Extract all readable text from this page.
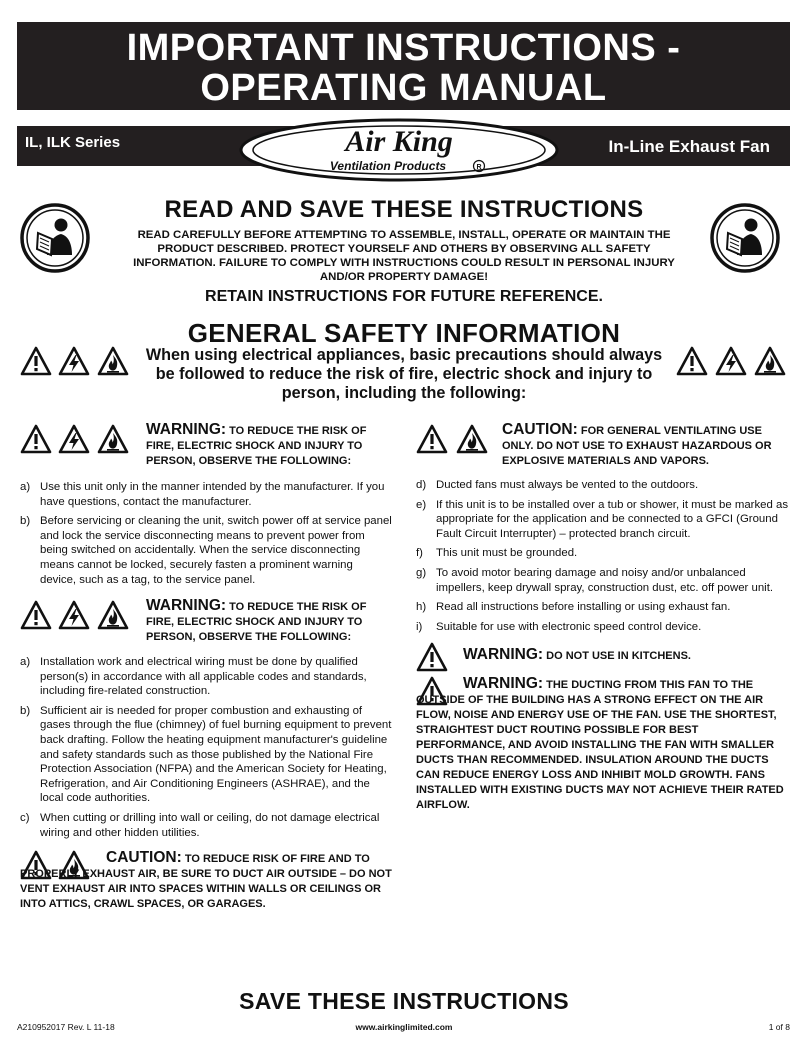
IMPORTANT INSTRUCTIONS -
OPERATING MANUAL
IL, ILK Series	In-Line Exhaust Fan
Air King
Ventilation Products	R
READ AND SAVE THESE INSTRUCTIONS
READ CAREFULLY BEFORE ATTEMPTING TO ASSEMBLE, INSTALL, OPERATE OR MAINTAIN THE PRODUCT DESCRIBED. PROTECT YOURSELF AND OTHERS BY OBSERVING ALL SAFETY INFORMATION. FAILURE TO COMPLY WITH INSTRUCTIONS COULD RESULT IN PERSONAL INJURY AND/OR PROPERTY DAMAGE!
RETAIN INSTRUCTIONS FOR FUTURE REFERENCE.
GENERAL SAFETY INFORMATION
When using electrical appliances, basic precautions should always be followed to reduce the risk of fire, electric shock and injury to person, including the following:
WARNING: TO REDUCE THE RISK OF FIRE, ELECTRIC SHOCK AND INJURY TO PERSON, OBSERVE THE FOLLOWING:
a) Use this unit only in the manner intended by the manufacturer. If you have questions, contact the manufacturer.
b) Before servicing or cleaning the unit, switch power off at service panel and lock the service disconnecting means to prevent power from being switched on accidentally. When the service disconnecting means cannot be locked, securely fasten a prominent warning device, such as a tag, to the service panel.
WARNING: TO REDUCE THE RISK OF FIRE, ELECTRIC SHOCK AND INJURY TO PERSON, OBSERVE THE FOLLOWING:
a) Installation work and electrical wiring must be done by qualified person(s) in accordance with all applicable codes and standards, including fire-related construction.
b) Sufficient air is needed for proper combustion and exhausting of gases through the flue (chimney) of fuel burning equipment to prevent back drafting. Follow the heating equipment manufacturer's guideline and safety standards such as those published by the National Fire Protection Association (NFPA) and the American Society for Heating, Refrigeration, and Air Conditioning Engineers (ASHRAE), and the local code authorities.
c) When cutting or drilling into wall or ceiling, do not damage electrical wiring and other hidden utilities.
CAUTION: TO REDUCE RISK OF FIRE AND TO PROPERLY EXHAUST AIR, BE SURE TO DUCT AIR OUTSIDE – DO NOT VENT EXHAUST AIR INTO SPACES WITHIN WALLS OR CEILINGS OR INTO ATTICS, CRAWL SPACES, OR GARAGES.
CAUTION: FOR GENERAL VENTILATING USE ONLY. DO NOT USE TO EXHAUST HAZARDOUS OR EXPLOSIVE MATERIALS AND VAPORS.
d) Ducted fans must always be vented to the outdoors.
e) If this unit is to be installed over a tub or shower, it must be marked as appropriate for the application and be connected to a GFCI (Ground Fault Circuit Interrupter) – protected branch circuit.
f) This unit must be grounded.
g) To avoid motor bearing damage and noisy and/or unbalanced impellers, keep drywall spray, construction dust, etc. off power unit.
h) Read all instructions before installing or using exhaust fan.
i) Suitable for use with electronic speed control device.
WARNING: DO NOT USE IN KITCHENS.
WARNING: THE DUCTING FROM THIS FAN TO THE OUTSIDE OF THE BUILDING HAS A STRONG EFFECT ON THE AIR FLOW, NOISE AND ENERGY USE OF THE FAN. USE THE SHORTEST, STRAIGHTEST DUCT ROUTING POSSIBLE FOR BEST PERFORMANCE, AND AVOID INSTALLING THE FAN WITH SMALLER DUCTS THAN RECOMMENDED. INSULATION AROUND THE DUCTS CAN REDUCE ENERGY LOSS AND INHIBIT MOLD GROWTH. FANS INSTALLED WITH EXISTING DUCTS MAY NOT ACHIEVE THEIR RATED AIRFLOW.
SAVE THESE INSTRUCTIONS
A210952017 Rev. L 11-18	www.airkinglimited.com	1 of 8
